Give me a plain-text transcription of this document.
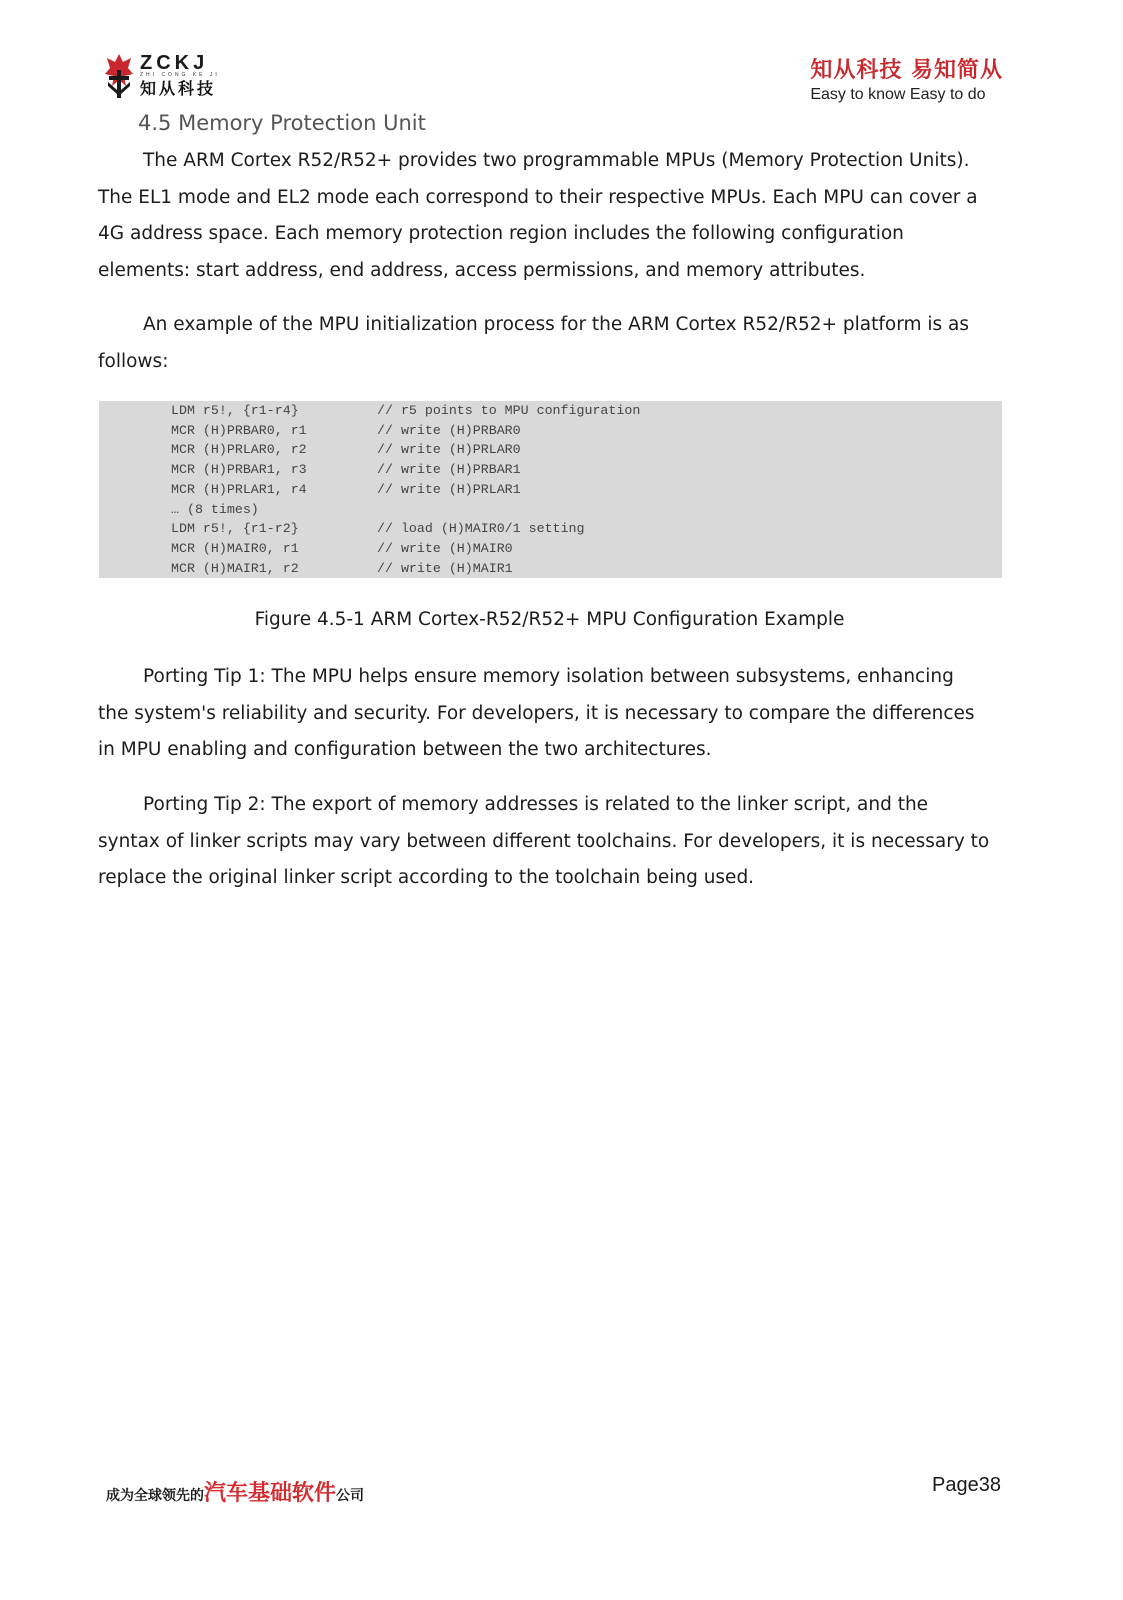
ZCKJ
ZHI CONG KE JI
知从科技
知从科技 易知简从
Easy to know Easy to do
4.5 Memory Protection Unit

The ARM Cortex R52/R52+ provides two programmable MPUs (Memory Protection Units).
The EL1 mode and EL2 mode each correspond to their respective MPUs. Each MPU can cover a
4G address space. Each memory protection region includes the following configuration
elements: start address, end address, access permissions, and memory attributes.

An example of the MPU initialization process for the ARM Cortex R52/R52+ platform is as
follows:

LDM r5!, {r1-r4}	// r5 points to MPU configuration
MCR (H)PRBAR0, r1	// write (H)PRBAR0
MCR (H)PRLAR0, r2	// write (H)PRLAR0
MCR (H)PRBAR1, r3	// write (H)PRBAR1
MCR (H)PRLAR1, r4	// write (H)PRLAR1
… (8 times)
LDM r5!, {r1-r2}	// load (H)MAIR0/1 setting
MCR (H)MAIR0, r1	// write (H)MAIR0
MCR (H)MAIR1, r2	// write (H)MAIR1
Figure 4.5-1 ARM Cortex-R52/R52+ MPU Configuration Example

Porting Tip 1: The MPU helps ensure memory isolation between subsystems, enhancing
the system's reliability and security. For developers, it is necessary to compare the differences
in MPU enabling and configuration between the two architectures.

Porting Tip 2: The export of memory addresses is related to the linker script, and the
syntax of linker scripts may vary between different toolchains. For developers, it is necessary to
replace the original linker script according to the toolchain being used.

成为全球领先的汽车基础软件公司	Page38
